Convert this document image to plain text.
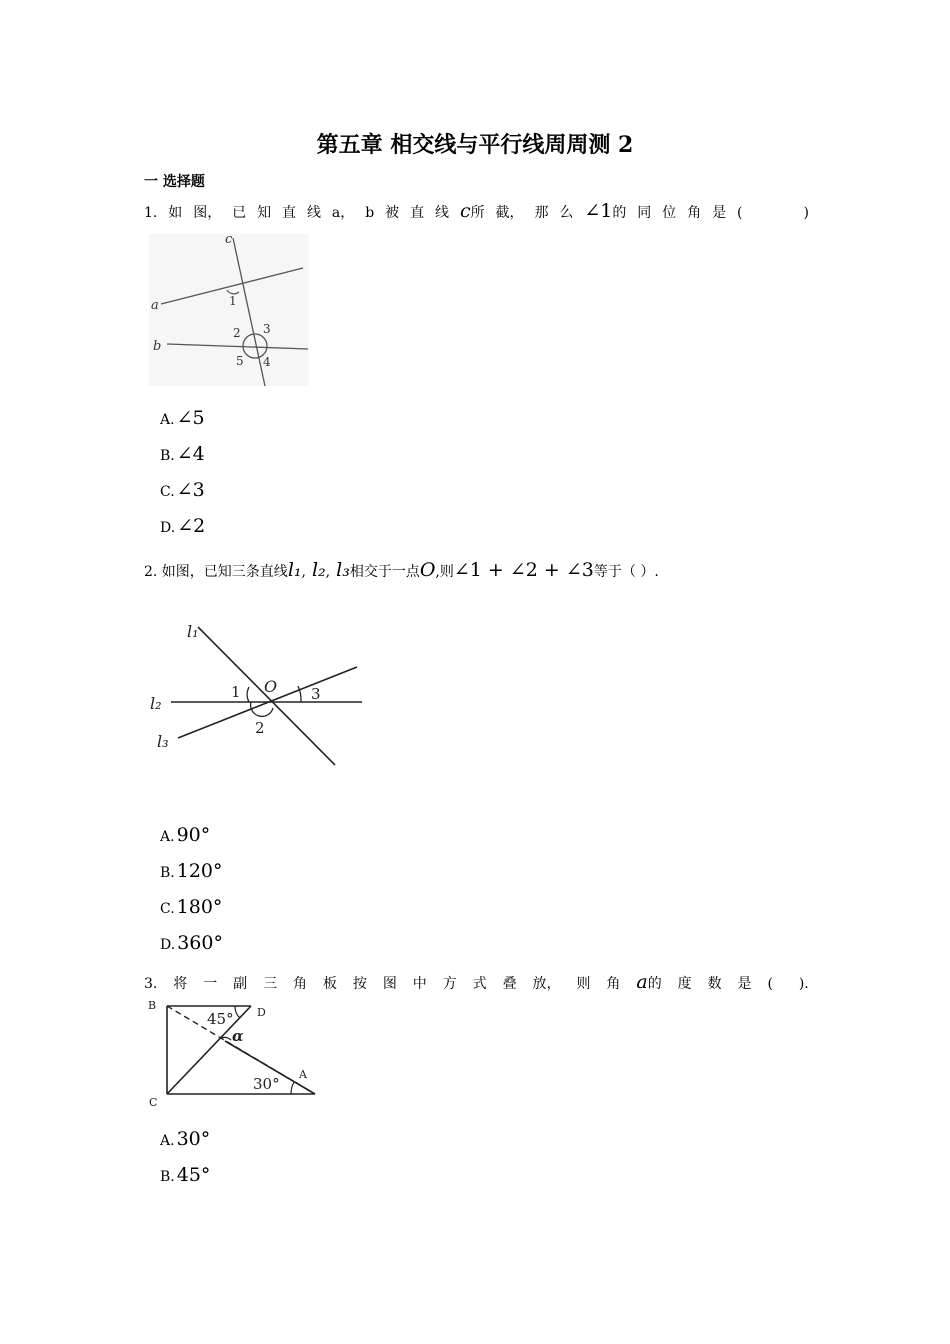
第五章 相交线与平行线周周测 2
一 选择题
1. 如 图， 已 知 直 线 a， b 被 直 线 c所 截， 那 么 ∠1的 同 位 角 是 (	)
c
a
b
1
2 3
5 4
A. ∠5
B. ∠4
C. ∠3
D. ∠2
2. 如图，已知三条直线 l₁ , l₂ , l₃ 相交于一点 O ,则 ∠1 + ∠2 + ∠3 等于（ ）.
l₁
l₂
l₃
1 O 3
2
A. 90°
B. 120°
C. 180°
D. 360°
3. 将 一 副 三 角 板 按 图 中 方 式 叠 放， 则 角 a的 度 数 是 ( ).
B
45° D
α
30°
A
C
A. 30°
B. 45°
